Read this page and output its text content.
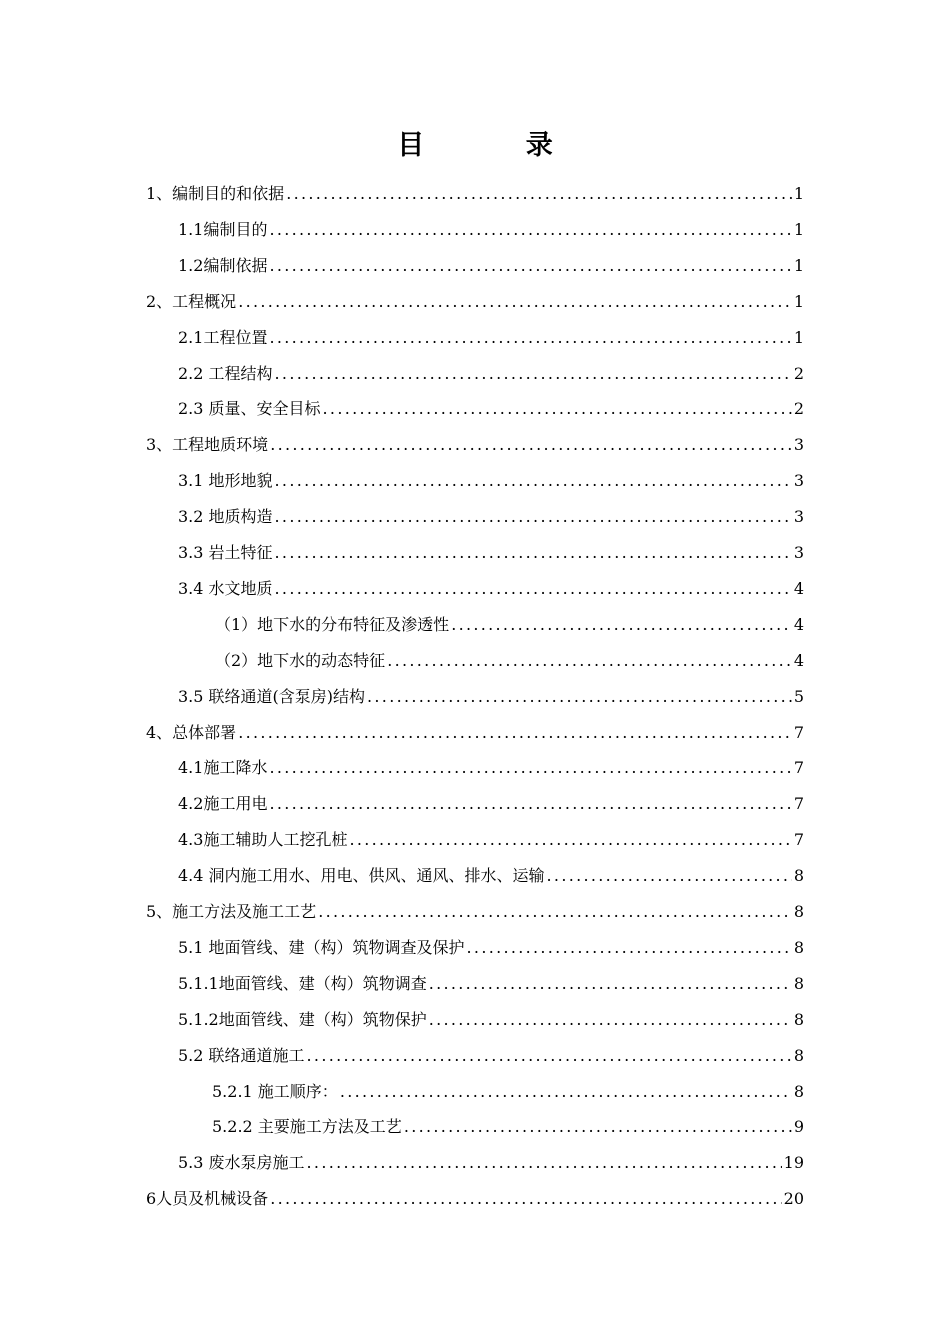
目 录
1、编制目的和依据 .....	1
1.1编制目的 .....	1
1.2编制依据 .....	1
2、工程概况 .....	1
2.1工程位置 .....	1
2.2 工程结构 .....	2
2.3 质量、安全目标 .....	2
3、工程地质环境 .....	3
3.1 地形地貌 .....	3
3.2 地质构造 .....	3
3.3 岩土特征 .....	3
3.4 水文地质 .....	4
（1）地下水的分布特征及渗透性 .....	4
（2）地下水的动态特征 .....	4
3.5 联络通道(含泵房)结构 .....	5
4、总体部署 .....	7
4.1施工降水 .....	7
4.2施工用电 .....	7
4.3施工辅助人工挖孔桩 .....	7
4.4 洞内施工用水、用电、供风、通风、排水、运输 .....	8
5、施工方法及施工工艺 .....	8
5.1 地面管线、建（构）筑物调查及保护 .....	8
5.1.1地面管线、建（构）筑物调查 .....	8
5.1.2地面管线、建（构）筑物保护 .....	8
5.2 联络通道施工 .....	8
5.2.1 施工顺序： .....	8
5.2.2 主要施工方法及工艺 .....	9
5.3 废水泵房施工 .....	19
6人员及机械设备 .....	20
